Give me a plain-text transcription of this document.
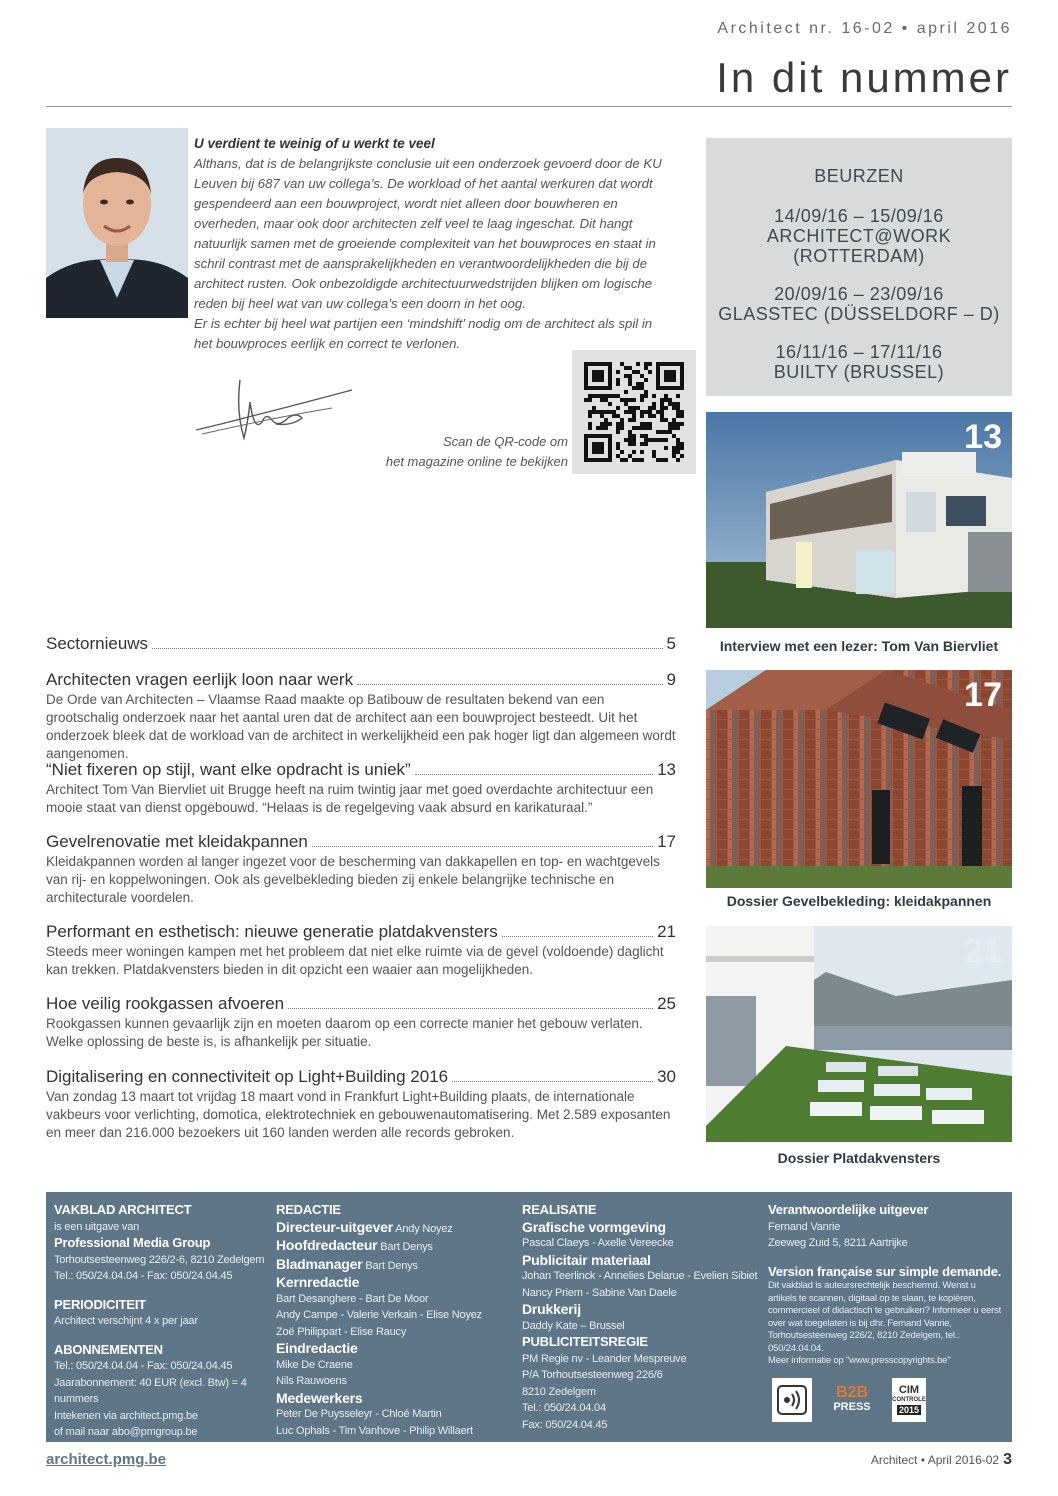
Architect nr. 16-02 • april 2016
In dit nummer
U verdient te weinig of u werkt te veel

Althans, dat is de belangrijkste conclusie uit een onderzoek gevoerd door de KU Leuven bij 687 van uw collega’s. De workload of het aantal werkuren dat wordt gespendeerd aan een bouwproject, wordt niet alleen door bouwheren en overheden, maar ook door architecten zelf veel te laag ingeschat. Dit hangt natuurlijk samen met de groeiende complexiteit van het bouwproces en staat in schril contrast met de aansprakelijkheden en verantwoordelijkheden die bij de architect rusten. Ook onbezoldigde architectuurwedstrijden blijken om logische reden bij heel wat van uw collega’s een doorn in het oog.

Er is echter bij heel wat partijen een ‘mindshift’ nodig om de architect als spil in het bouwproces eerlijk en correct te verlonen.

Scan de QR-code om
het magazine online te bekijken
BEURZEN
14/09/16 – 15/09/16
ARCHITECT@WORK (ROTTERDAM)
20/09/16 – 23/09/16
GLASSTEC (DÜSSELDORF – D)
16/11/16 – 17/11/16
BUILTY (BRUSSEL)
13
Interview met een lezer: Tom Van Biervliet
17
Dossier Gevelbekleding: kleidakpannen
21
Dossier Platdakvensters
Sectornieuws	5
Architecten vragen eerlijk loon naar werk	9
De Orde van Architecten – Vlaamse Raad maakte op Batibouw de resultaten bekend van een grootschalig onderzoek naar het aantal uren dat de architect aan een bouwproject besteedt. Uit het onderzoek bleek dat de workload van de architect in werkelijkheid een pak hoger ligt dan algemeen wordt aangenomen.
“Niet fixeren op stijl, want elke opdracht is uniek”	13
Architect Tom Van Biervliet uit Brugge heeft na ruim twintig jaar met goed overdachte architectuur een mooie staat van dienst opgebouwd. “Helaas is de regelgeving vaak absurd en karikaturaal.”
Gevelrenovatie met kleidakpannen	17
Kleidakpannen worden al langer ingezet voor de bescherming van dakkapellen en top- en wachtgevels van rij- en koppelwoningen. Ook als gevelbekleding bieden zij enkele belangrijke technische en architecturale voordelen.
Performant en esthetisch: nieuwe generatie platdakvensters	21
Steeds meer woningen kampen met het probleem dat niet elke ruimte via de gevel (voldoende) daglicht kan trekken. Platdakvensters bieden in dit opzicht een waaier aan mogelijkheden.
Hoe veilig rookgassen afvoeren	25
Rookgassen kunnen gevaarlijk zijn en moeten daarom op een correcte manier het gebouw verlaten. Welke oplossing de beste is, is afhankelijk per situatie.
Digitalisering en connectiviteit op Light+Building 2016	30
Van zondag 13 maart tot vrijdag 18 maart vond in Frankfurt Light+Building plaats, de internationale vakbeurs voor verlichting, domotica, elektrotechniek en gebouwenautomatisering. Met 2.589 exposanten en meer dan 216.000 bezoekers uit 160 landen werden alle records gebroken.
VAKBLAD ARCHITECT
is een uitgave van
Professional Media Group
Torhoutsesteenweg 226/2-6, 8210 Zedelgem
Tel.: 050/24.04.04 - Fax: 050/24.04.45
PERIODICITEIT
Architect verschijnt 4 x per jaar
ABONNEMENTEN
Tel.: 050/24.04.04 - Fax: 050/24.04.45
Jaarabonnement: 40 EUR (excl. Btw) = 4 nummers
Intekenen via architect.pmg.be
of mail naar abo@pmgroup.be
REDACTIE
Directeur-uitgever Andy Noyez
Hoofdredacteur Bart Denys
Bladmanager Bart Denys
Kernredactie
Bart Desanghere - Bart De Moor
Andy Campe - Valerie Verkain - Elise Noyez
Zoë Philippart - Elise Raucy
Eindredactie
Mike De Craene
Nils Rauwoens
Medewerkers
Peter De Puysseleyr - Chloé Martin
Luc Ophals - Tim Vanhove - Philip Willaert
REALISATIE
Grafische vormgeving
Pascal Claeys - Axelle Vereecke
Publicitair materiaal
Johan Teerlinck - Annelies Delarue - Evelien Sibiet
Nancy Priem - Sabine Van Daele
Drukkerij
Daddy Kate – Brussel
PUBLICITEITSREGIE
PM Regie nv - Leander Mespreuve
P/A Torhoutsesteenweg 226/6
8210 Zedelgem
Tel.: 050/24.04.04
Fax: 050/24.04.45
Verantwoordelijke uitgever
Fernand Vanrie
Zeeweg Zuid 5, 8211 Aartrijke
Version française sur simple demande.
Dit vakblad is auteursrechtelijk beschermd. Wenst u artikels te scannen, digitaal op te slaan, te kopiëren, commercieel of didactisch te gebruiken? Informeer u eerst over wat toegelaten is bij dhr. Fernand Vanrie, Torhoutsesteenweg 226/2, 8210 Zedelgem, tel.: 050/24.04.04.
Meer informatie op "www.presscopyrights.be"
B2B
PRESS
CIM
CONTROLE
2015
architect.pmg.be	Architect • April 2016-02 3
